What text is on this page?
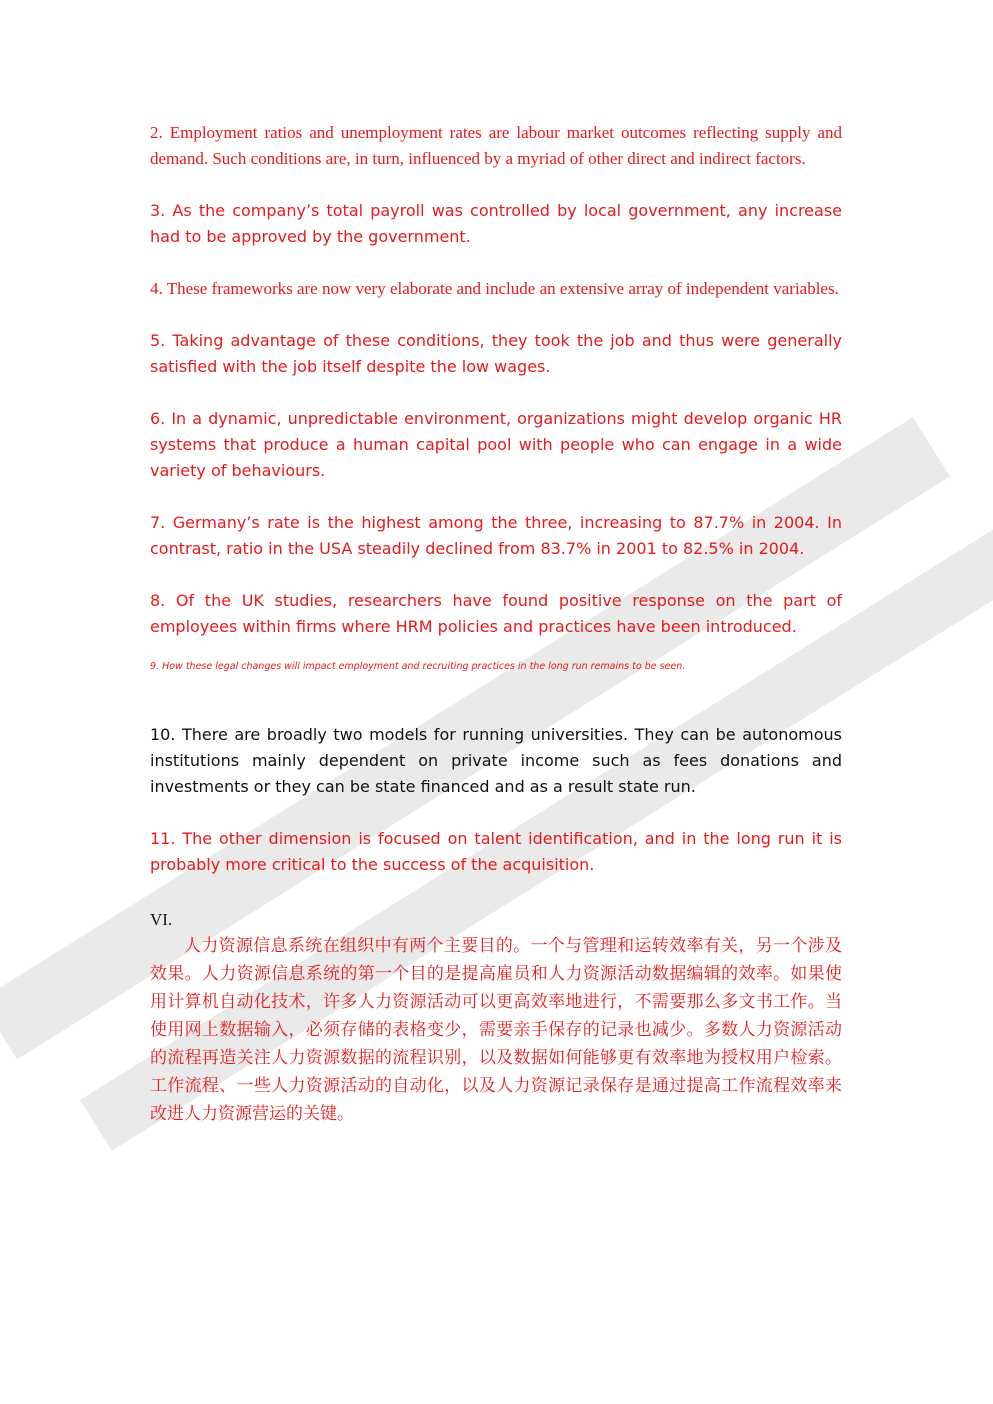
2. Employment ratios and unemployment rates are labour market outcomes reflecting supply and demand. Such conditions are, in turn, influenced by a myriad of other direct and indirect factors.

3. As the company’s total payroll was controlled by local government, any increase had to be approved by the government.

4. These frameworks are now very elaborate and include an extensive array of independent variables.

5. Taking advantage of these conditions, they took the job and thus were generally satisfied with the job itself despite the low wages.

6. In a dynamic, unpredictable environment, organizations might develop organic HR systems that produce a human capital pool with people who can engage in a wide variety of behaviours.

7. Germany’s rate is the highest among the three, increasing to 87.7% in 2004. In contrast, ratio in the USA steadily declined from 83.7% in 2001 to 82.5% in 2004.

8. Of the UK studies, researchers have found positive response on the part of employees within firms where HRM policies and practices have been introduced.

9. How these legal changes will impact employment and recruiting practices in the long run remains to be seen.

10. There are broadly two models for running universities. They can be autonomous institutions mainly dependent on private income such as fees donations and investments or they can be state financed and as a result state run.

11. The other dimension is focused on talent identification, and in the long run it is probably more critical to the success of the acquisition.

VI.

人力资源信息系统在组织中有两个主要目的。一个与管理和运转效率有关，另一个涉及效果。人力资源信息系统的第一个目的是提高雇员和人力资源活动数据编辑的效率。如果使用计算机自动化技术，许多人力资源活动可以更高效率地进行，不需要那么多文书工作。当使用网上数据输入，必须存储的表格变少，需要亲手保存的记录也减少。多数人力资源活动的流程再造关注人力资源数据的流程识别，以及数据如何能够更有效率地为授权用户检索。工作流程、一些人力资源活动的自动化，以及人力资源记录保存是通过提高工作流程效率来改进人力资源营运的关键。
